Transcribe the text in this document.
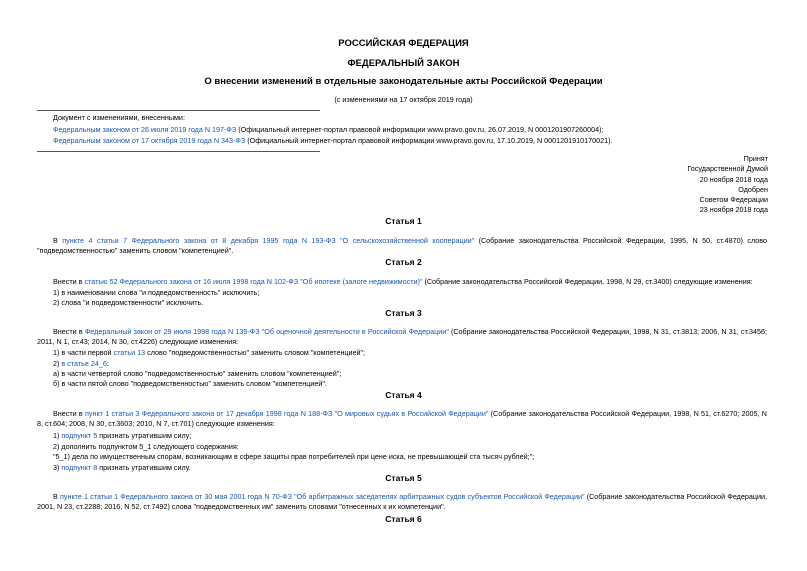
РОССИЙСКАЯ ФЕДЕРАЦИЯ
ФЕДЕРАЛЬНЫЙ ЗАКОН
О внесении изменений в отдельные законодательные акты Российской Федерации
(с изменениями на 17 октября 2019 года)
Документ с изменениями, внесенными:
Федеральным законом от 26 июля 2019 года N 197-ФЗ (Официальный интернет-портал правовой информации www.pravo.gov.ru, 26.07.2019, N 0001201907260004);
Федеральным законом от 17 октября 2019 года N 343-ФЗ (Официальный интернет-портал правовой информации www.pravo.gov.ru, 17.10.2019, N 0001201910170021).
Принят
Государственной Думой
20 ноября 2018 года
Одобрен
Советом Федерации
23 ноября 2018 года
Статья 1
В пункте 4 статьи 7 Федерального закона от 8 декабря 1995 года N 193-ФЗ "О сельскохозяйственной кооперации" (Собрание законодательства Российской Федерации, 1995, N 50, ст.4870) слово "подведомственностью" заменить словом "компетенцией".
Статья 2
Внести в статью 52 Федерального закона от 16 июля 1998 года N 102-ФЗ "Об ипотеке (залоге недвижимости)" (Собрание законодательства Российской Федерации, 1998, N 29, ст.3400) следующие изменения:
1) в наименовании слова "и подведомственность" исключить;
2) слова "и подведомственности" исключить.
Статья 3
Внести в Федеральный закон от 29 июля 1998 года N 135-ФЗ "Об оценочной деятельности в Российской Федерации" (Собрание законодательства Российской Федерации, 1998, N 31, ст.3813; 2006, N 31, ст.3456; 2011, N 1, ст.43; 2014, N 30, ст.4226) следующие изменения:
1) в части первой статьи 13 слово "подведомственностью" заменить словом "компетенцией";
2) в статье 24_6:
а) в части четвертой слово "подведомственностью" заменить словом "компетенцией";
б) в части пятой слово "подведомственностью" заменить словом "компетенцией".
Статья 4
Внести в пункт 1 статьи 3 Федерального закона от 17 декабря 1998 года N 188-ФЗ "О мировых судьях в Российской Федерации" (Собрание законодательства Российской Федерации, 1998, N 51, ст.6270; 2005, N 8, ст.604; 2008, N 30, ст.3603; 2010, N 7, ст.701) следующие изменения:
1) подпункт 5 признать утратившим силу;
2) дополнить подпунктом 5_1 следующего содержания:
"5_1) дела по имущественным спорам, возникающим в сфере защиты прав потребителей при цене иска, не превышающей ста тысяч рублей;";
3) подпункт 8 признать утратившим силу.
Статья 5
В пункте 1 статьи 1 Федерального закона от 30 мая 2001 года N 70-ФЗ "Об арбитражных заседателях арбитражных судов субъектов Российской Федерации" (Собрание законодательства Российской Федерации, 2001, N 23, ст.2288; 2016, N 52, ст.7492) слова "подведомственных им" заменить словами "отнесенных к их компетенции".
Статья 6
